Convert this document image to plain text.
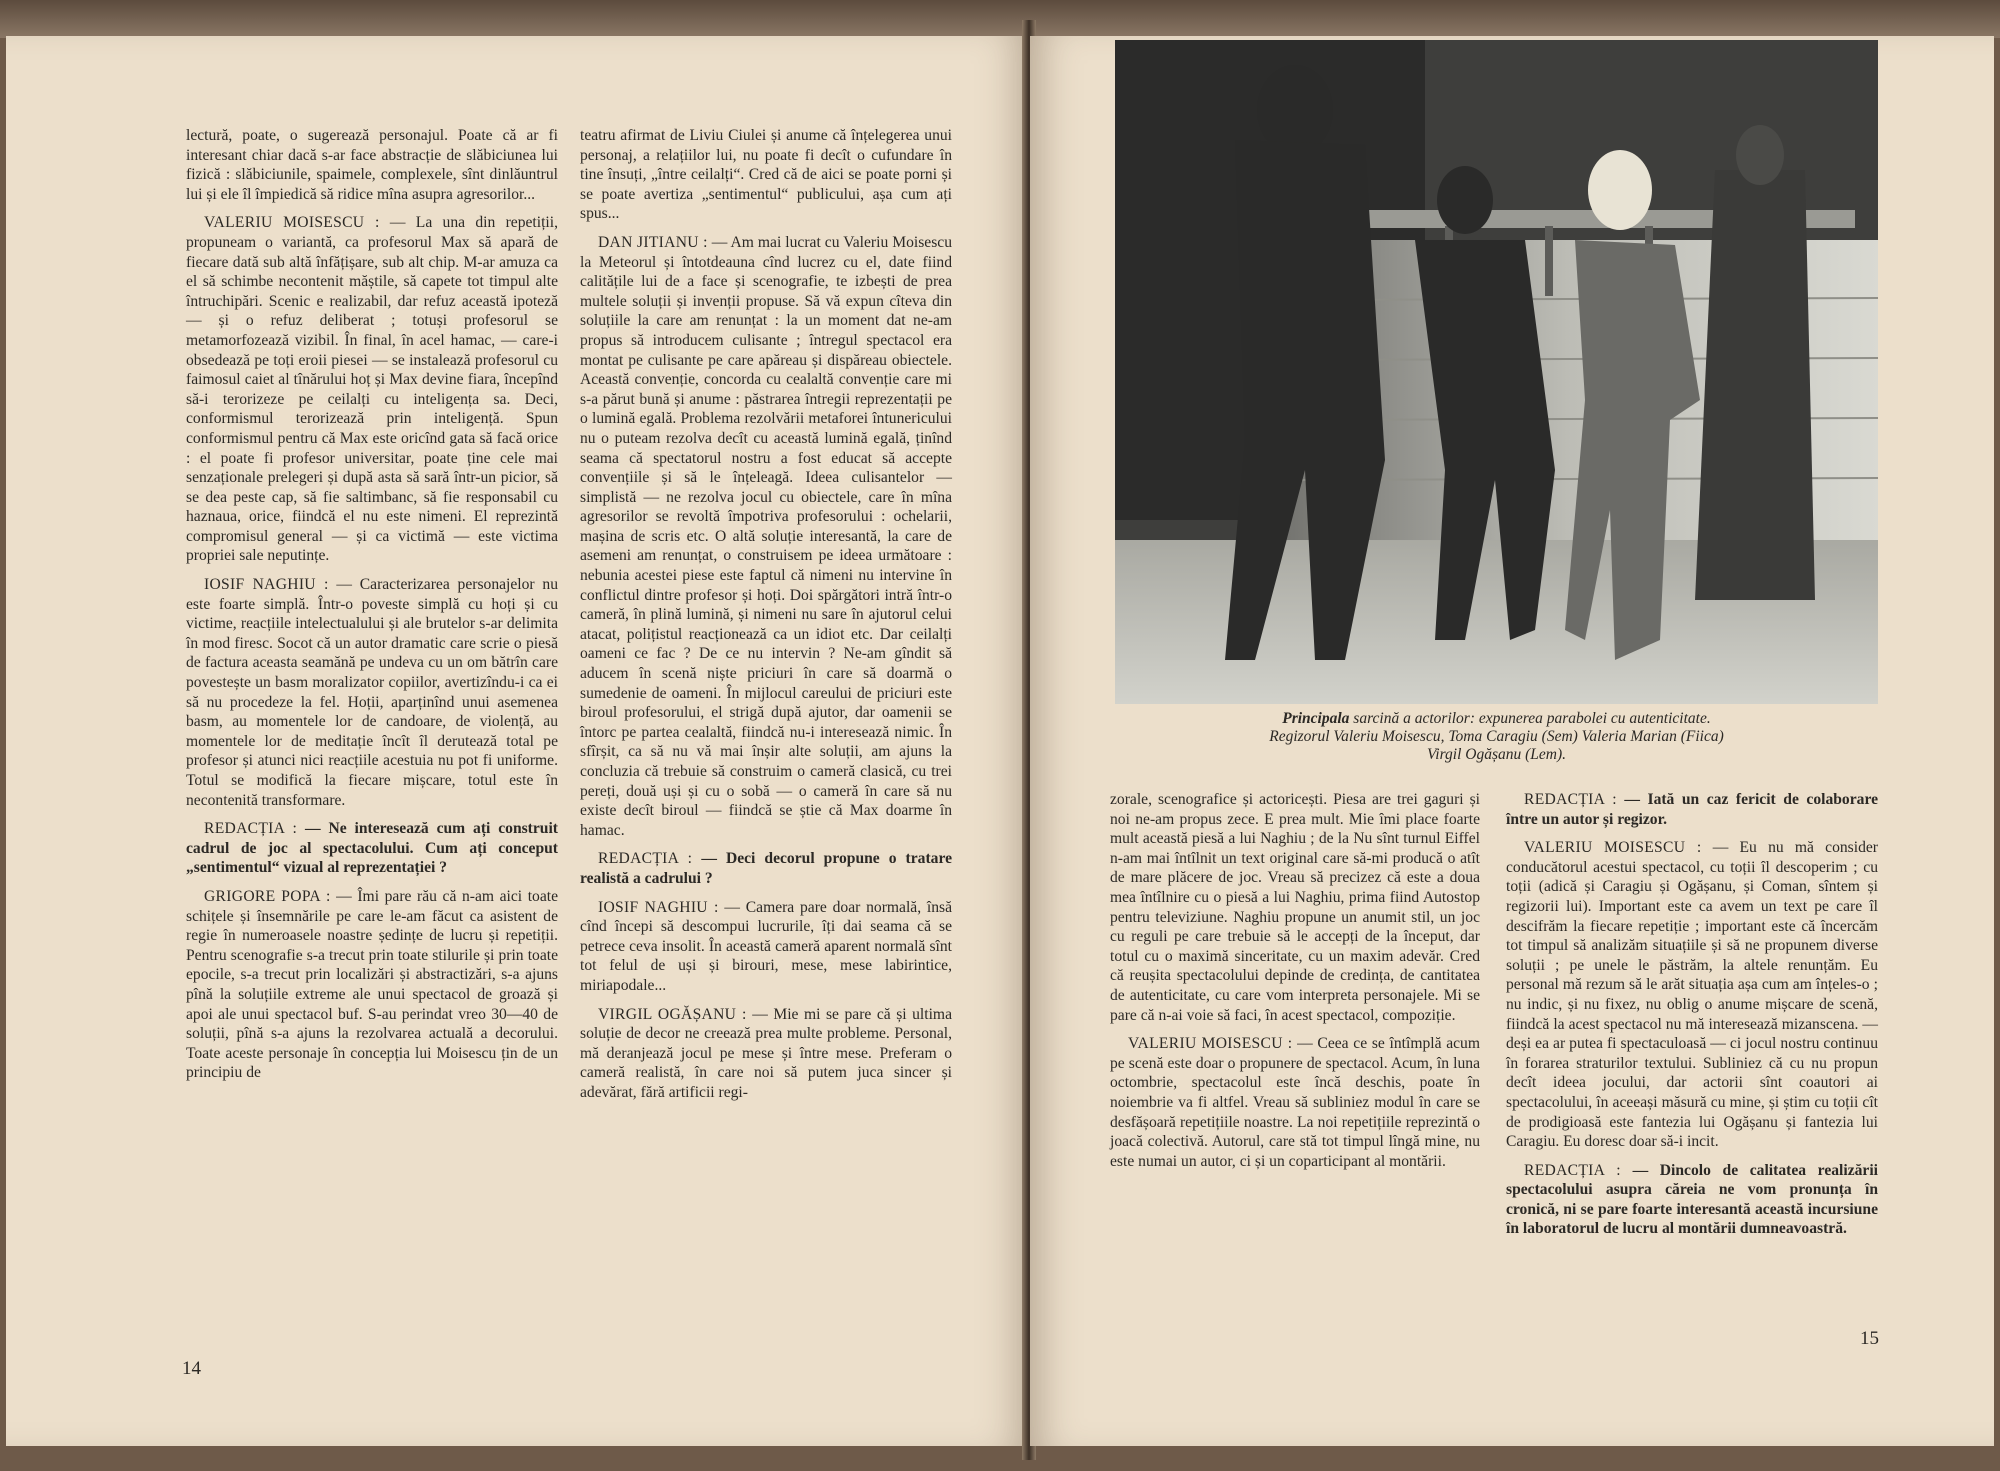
lectură, poate, o sugerează personajul. Poate că ar fi interesant chiar dacă s-ar face abstracție de slăbiciunea lui fizică : slăbiciunile, spaimele, complexele, sînt dinlăuntrul lui și ele îl împiedică să ridice mîna asupra agresorilor...

VALERIU MOISESCU : — La una din repetiții, propuneam o variantă, ca profesorul Max să apară de fiecare dată sub altă înfățișare, sub alt chip. M-ar amuza ca el să schimbe necontenit măștile, să capete tot timpul alte întruchipări. Scenic e realizabil, dar refuz această ipoteză — și o refuz deliberat ; totuși profesorul se metamorfozează vizibil. În final, în acel hamac, — care-i obsedează pe toți eroii piesei — se instalează profesorul cu faimosul caiet al tînărului hoț și Max devine fiara, începînd să-i terorizeze pe ceilalți cu inteligența sa. Deci, conformismul terorizează prin inteligență. Spun conformismul pentru că Max este oricînd gata să facă orice : el poate fi profesor universitar, poate ține cele mai senzaționale prelegeri și după asta să sară într-un picior, să se dea peste cap, să fie saltimbanc, să fie responsabil cu haznaua, orice, fiindcă el nu este nimeni. El reprezintă compromisul general — și ca victimă — este victima propriei sale neputințe.

IOSIF NAGHIU : — Caracterizarea personajelor nu este foarte simplă. Într-o poveste simplă cu hoți și cu victime, reacțiile intelectualului și ale brutelor s-ar delimita în mod firesc. Socot că un autor dramatic care scrie o piesă de factura aceasta seamănă pe undeva cu un om bătrîn care povestește un basm moralizator copiilor, avertizîndu-i ca ei să nu procedeze la fel. Hoții, aparținînd unui asemenea basm, au momentele lor de candoare, de violență, au momentele lor de meditație încît îl derutează total pe profesor și atunci nici reacțiile acestuia nu pot fi uniforme. Totul se modifică la fiecare mișcare, totul este în necontenită transformare.

REDACȚIA : — Ne interesează cum ați construit cadrul de joc al spectacolului. Cum ați conceput „sentimentul“ vizual al reprezentației ?

GRIGORE POPA : — Îmi pare rău că n-am aici toate schițele și însemnările pe care le-am făcut ca asistent de regie în numeroasele noastre ședințe de lucru și repetiții. Pentru scenografie s-a trecut prin toate stilurile și prin toate epocile, s-a trecut prin localizări și abstractizări, s-a ajuns pînă la soluțiile extreme ale unui spectacol de groază și apoi ale unui spectacol buf. S-au perindat vreo 30—40 de soluții, pînă s-a ajuns la rezolvarea actuală a decorului. Toate aceste personaje în concepția lui Moisescu țin de un principiu de

teatru afirmat de Liviu Ciulei și anume că înțelegerea unui personaj, a relațiilor lui, nu poate fi decît o cufundare în tine însuți, „între ceilalți“. Cred că de aici se poate porni și se poate avertiza „sentimentul“ publicului, așa cum ați spus...

DAN JITIANU : — Am mai lucrat cu Valeriu Moisescu la Meteorul și întotdeauna cînd lucrez cu el, date fiind calitățile lui de a face și scenografie, te izbești de prea multele soluții și invenții propuse. Să vă expun cîteva din soluțiile la care am renunțat : la un moment dat ne-am propus să introducem culisante ; întregul spectacol era montat pe culisante pe care apăreau și dispăreau obiectele. Această convenție, concorda cu cealaltă convenție care mi s-a părut bună și anume : păstrarea întregii reprezentații pe o lumină egală. Problema rezolvării metaforei întunericului nu o puteam rezolva decît cu această lumină egală, ținînd seama că spectatorul nostru a fost educat să accepte convențiile și să le înțeleagă. Ideea culisantelor — simplistă — ne rezolva jocul cu obiectele, care în mîna agresorilor se revoltă împotriva profesorului : ochelarii, mașina de scris etc. O altă soluție interesantă, la care de asemeni am renunțat, o construisem pe ideea următoare : nebunia acestei piese este faptul că nimeni nu intervine în conflictul dintre profesor și hoți. Doi spărgători intră într-o cameră, în plină lumină, și nimeni nu sare în ajutorul celui atacat, polițistul reacționează ca un idiot etc. Dar ceilalți oameni ce fac ? De ce nu intervin ? Ne-am gîndit să aducem în scenă niște priciuri în care să doarmă o sumedenie de oameni. În mijlocul careului de priciuri este biroul profesorului, el strigă după ajutor, dar oamenii se întorc pe partea cealaltă, fiindcă nu-i interesează nimic. În sfîrșit, ca să nu vă mai înșir alte soluții, am ajuns la concluzia că trebuie să construim o cameră clasică, cu trei pereți, două uși și cu o sobă — o cameră în care să nu existe decît biroul — fiindcă se știe că Max doarme în hamac.

REDACȚIA : — Deci decorul propune o tratare realistă a cadrului ?

IOSIF NAGHIU : — Camera pare doar normală, însă cînd începi să descompui lucrurile, îți dai seama că se petrece ceva insolit. În această cameră aparent normală sînt tot felul de uși și birouri, mese, mese labirintice, miriapodale...

VIRGIL OGĂȘANU : — Mie mi se pare că și ultima soluție de decor ne creează prea multe probleme. Personal, mă deranjează jocul pe mese și între mese. Preferam o cameră realistă, în care noi să putem juca sincer și adevărat, fără artificii regi-

14
Principala sarcină a actorilor: expunerea parabolei cu autenticitate.
Regizorul Valeriu Moisescu, Toma Caragiu (Sem) Valeria Marian (Fiica)
Virgil Ogășanu (Lem).

zorale, scenografice și actoricești. Piesa are trei gaguri și noi ne-am propus zece. E prea mult. Mie îmi place foarte mult această piesă a lui Naghiu ; de la Nu sînt turnul Eiffel n-am mai întîlnit un text original care să-mi producă o atît de mare plăcere de joc. Vreau să precizez că este a doua mea întîlnire cu o piesă a lui Naghiu, prima fiind Autostop pentru televiziune. Naghiu propune un anumit stil, un joc cu reguli pe care trebuie să le accepți de la început, dar totul cu o maximă sinceritate, cu un maxim adevăr. Cred că reușita spectacolului depinde de credința, de cantitatea de autenticitate, cu care vom interpreta personajele. Mi se pare că n-ai voie să faci, în acest spectacol, compoziție.

VALERIU MOISESCU : — Ceea ce se întîmplă acum pe scenă este doar o propunere de spectacol. Acum, în luna octombrie, spectacolul este încă deschis, poate în noiembrie va fi altfel. Vreau să subliniez modul în care se desfășoară repetițiile noastre. La noi repetițiile reprezintă o joacă colectivă. Autorul, care stă tot timpul lîngă mine, nu este numai un autor, ci și un coparticipant al montării.

REDACȚIA : — Iată un caz fericit de colaborare între un autor și regizor.

VALERIU MOISESCU : — Eu nu mă consider conducătorul acestui spectacol, cu toții îl descoperim ; cu toții (adică și Caragiu și Ogășanu, și Coman, sîntem și regizorii lui). Important este ca avem un text pe care îl descifrăm la fiecare repetiție ; important este că încercăm tot timpul să analizăm situațiile și să ne propunem diverse soluții ; pe unele le păstrăm, la altele renunțăm. Eu personal mă rezum să le arăt situația așa cum am înțeles-o ; nu indic, și nu fixez, nu oblig o anume mișcare de scenă, fiindcă la acest spectacol nu mă interesează mizanscena. — deși ea ar putea fi spectaculoasă — ci jocul nostru continuu în forarea straturilor textului. Subliniez că cu nu propun decît ideea jocului, dar actorii sînt coautori ai spectacolului, în aceeași măsură cu mine, și știm cu toții cît de prodigioasă este fantezia lui Ogășanu și fantezia lui Caragiu. Eu doresc doar să-i incit.

REDACȚIA : — Dincolo de calitatea realizării spectacolului asupra căreia ne vom pronunța în cronică, ni se pare foarte interesantă această incursiune în laboratorul de lucru al montării dumneavoastră.

15
